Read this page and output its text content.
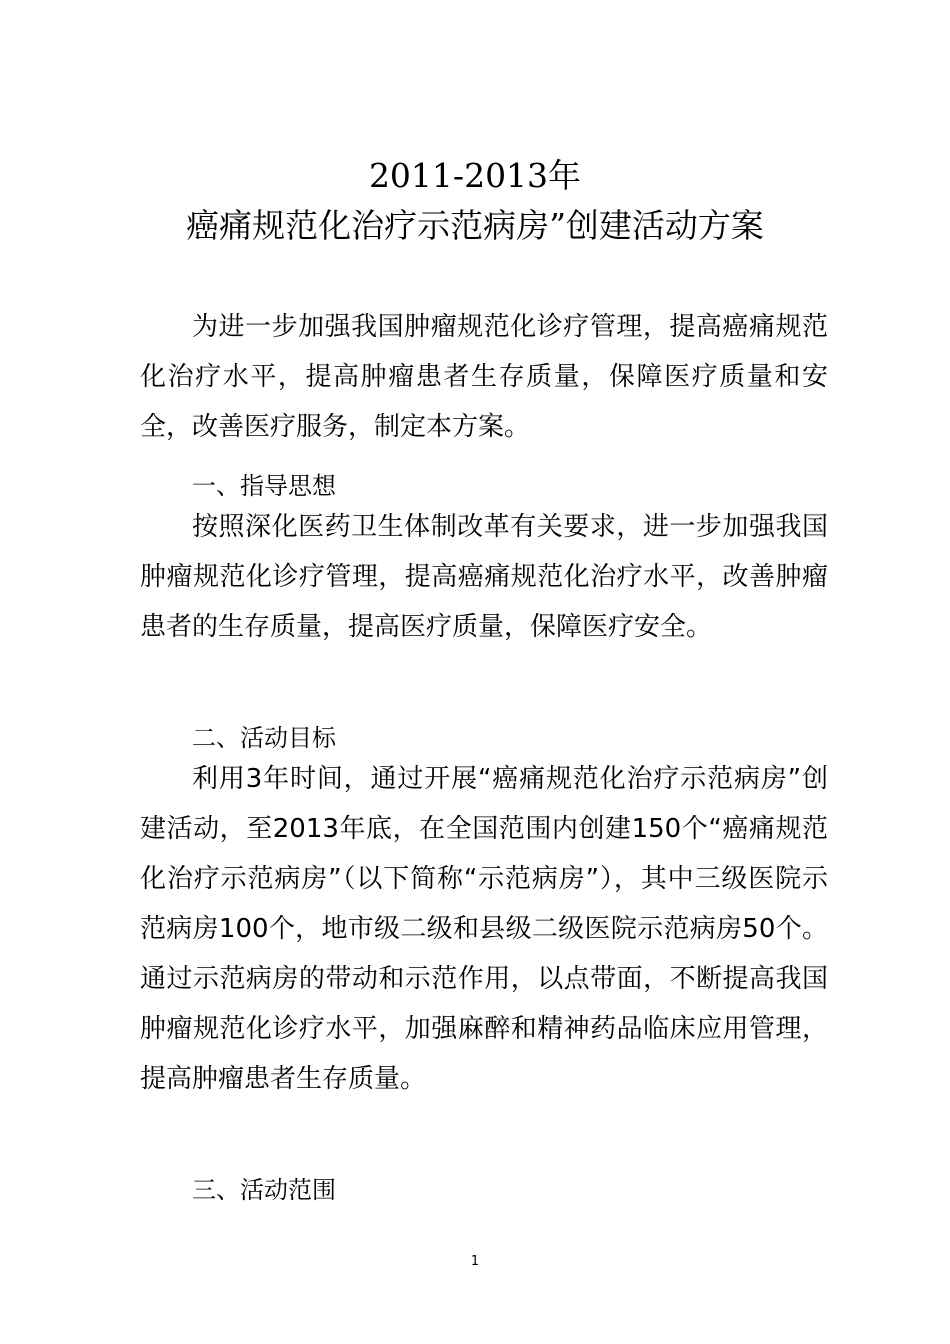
2011-2013年
癌痛规范化治疗示范病房”创建活动方案

为进一步加强我国肿瘤规范化诊疗管理，提高癌痛规范化治疗水平，提高肿瘤患者生存质量，保障医疗质量和安全，改善医疗服务，制定本方案。

一、指导思想

按照深化医药卫生体制改革有关要求，进一步加强我国肿瘤规范化诊疗管理，提高癌痛规范化治疗水平，改善肿瘤患者的生存质量，提高医疗质量，保障医疗安全。

二、活动目标

利用3年时间，通过开展“癌痛规范化治疗示范病房”创建活动，至2013年底，在全国范围内创建150个“癌痛规范化治疗示范病房”（以下简称“示范病房”），其中三级医院示范病房100个，地市级二级和县级二级医院示范病房50个。通过示范病房的带动和示范作用，以点带面，不断提高我国肿瘤规范化诊疗水平，加强麻醉和精神药品临床应用管理，提高肿瘤患者生存质量。

三、活动范围

1
